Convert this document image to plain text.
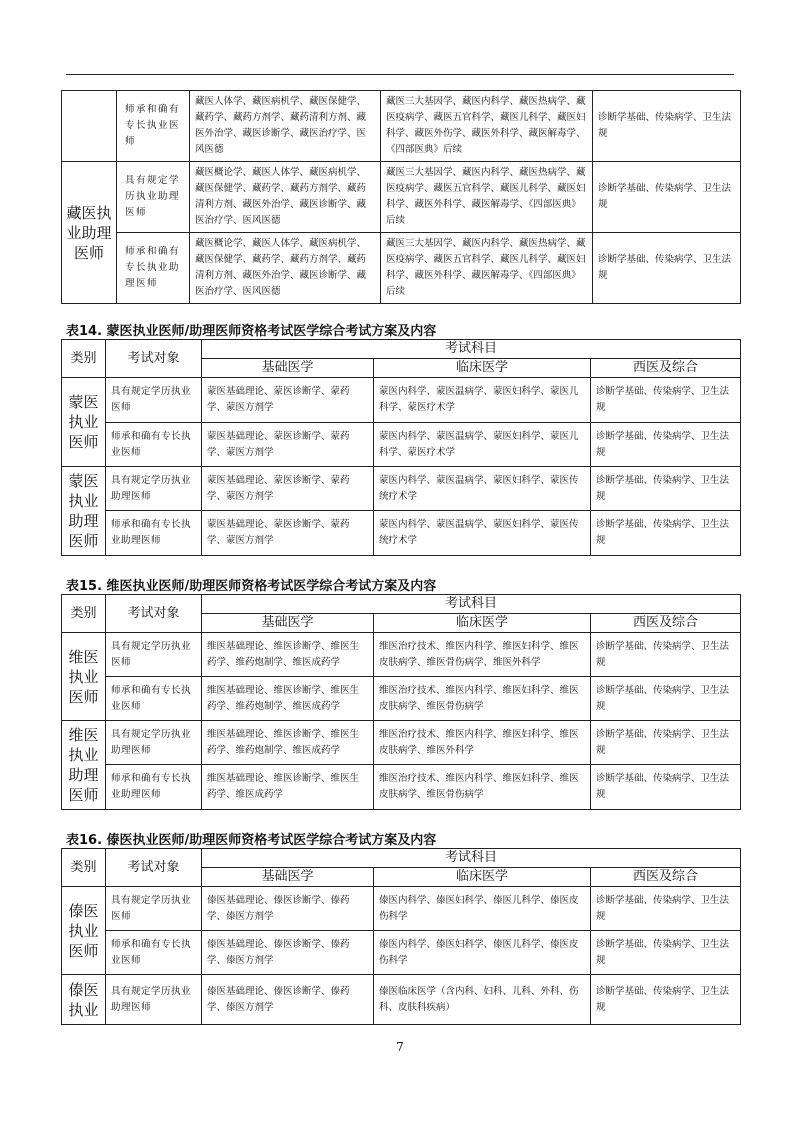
	师承和确有专长执业医师	藏医人体学、藏医病机学、藏医保健学、藏药学、藏药方剂学、藏药清利方剂、藏医外治学、藏医诊断学、藏医治疗学、医风医德	藏医三大基因学、藏医内科学、藏医热病学、藏医疫病学、藏医五官科学、藏医儿科学、藏医妇科学、藏医外伤学、藏医外科学、藏医解毒学、《四部医典》后续	诊断学基础、传染病学、卫生法规
藏医执业助理医师	具有规定学历执业助理医师	藏医概论学、藏医人体学、藏医病机学、藏医保健学、藏药学、藏药方剂学、藏药清利方剂、藏医外治学、藏医诊断学、藏医治疗学、医风医德	藏医三大基因学、藏医内科学、藏医热病学、藏医疫病学、藏医五官科学、藏医儿科学、藏医妇科学、藏医外科学、藏医解毒学、《四部医典》后续	诊断学基础、传染病学、卫生法规
	师承和确有专长执业助理医师	藏医概论学、藏医人体学、藏医病机学、藏医保健学、藏药学、藏药方剂学、藏药清利方剂、藏医外治学、藏医诊断学、藏医治疗学、医风医德	藏医三大基因学、藏医内科学、藏医热病学、藏医疫病学、藏医五官科学、藏医儿科学、藏医妇科学、藏医外科学、藏医解毒学、《四部医典》后续	诊断学基础、传染病学、卫生法规
表14. 蒙医执业医师/助理医师资格考试医学综合考试方案及内容
类别	考试对象	考试科目		
		基础医学	临床医学	西医及综合
蒙医执业医师	具有规定学历执业医师	蒙医基础理论、蒙医诊断学、蒙药学、蒙医方剂学	蒙医内科学、蒙医温病学、蒙医妇科学、蒙医儿科学、蒙医疗术学	诊断学基础、传染病学、卫生法规
	师承和确有专长执业医师	蒙医基础理论、蒙医诊断学、蒙药学、蒙医方剂学	蒙医内科学、蒙医温病学、蒙医妇科学、蒙医儿科学、蒙医疗术学	诊断学基础、传染病学、卫生法规
蒙医执业助理医师	具有规定学历执业助理医师	蒙医基础理论、蒙医诊断学、蒙药学、蒙医方剂学	蒙医内科学、蒙医温病学、蒙医妇科学、蒙医传统疗术学	诊断学基础、传染病学、卫生法规
	师承和确有专长执业助理医师	蒙医基础理论、蒙医诊断学、蒙药学、蒙医方剂学	蒙医内科学、蒙医温病学、蒙医妇科学、蒙医传统疗术学	诊断学基础、传染病学、卫生法规
表15. 维医执业医师/助理医师资格考试医学综合考试方案及内容
类别	考试对象	考试科目		
		基础医学	临床医学	西医及综合
维医执业医师	具有规定学历执业医师	维医基础理论、维医诊断学、维医生药学、维药炮制学、维医成药学	维医治疗技术、维医内科学、维医妇科学、维医皮肤病学、维医骨伤病学、维医外科学	诊断学基础、传染病学、卫生法规
	师承和确有专长执业医师	维医基础理论、维医诊断学、维医生药学、维药炮制学、维医成药学	维医治疗技术、维医内科学、维医妇科学、维医皮肤病学、维医骨伤病学	诊断学基础、传染病学、卫生法规
维医执业助理医师	具有规定学历执业助理医师	维医基础理论、维医诊断学、维医生药学、维药炮制学、维医成药学	维医治疗技术、维医内科学、维医妇科学、维医皮肤病学、维医外科学	诊断学基础、传染病学、卫生法规
	师承和确有专长执业助理医师	维医基础理论、维医诊断学、维医生药学、维医成药学	维医治疗技术、维医内科学、维医妇科学、维医皮肤病学、维医骨伤病学	诊断学基础、传染病学、卫生法规
表16. 傣医执业医师/助理医师资格考试医学综合考试方案及内容
类别	考试对象	考试科目		
		基础医学	临床医学	西医及综合
傣医执业医师	具有规定学历执业医师	傣医基础理论、傣医诊断学、傣药学、傣医方剂学	傣医内科学、傣医妇科学、傣医儿科学、傣医皮伤科学	诊断学基础、传染病学、卫生法规
	师承和确有专长执业医师	傣医基础理论、傣医诊断学、傣药学、傣医方剂学	傣医内科学、傣医妇科学、傣医儿科学、傣医皮伤科学	诊断学基础、传染病学、卫生法规
傣医执业	具有规定学历执业助理医师	傣医基础理论、傣医诊断学、傣药学、傣医方剂学	傣医临床医学（含内科、妇科、儿科、外科、伤科、皮肤科疾病）	诊断学基础、传染病学、卫生法规
7
